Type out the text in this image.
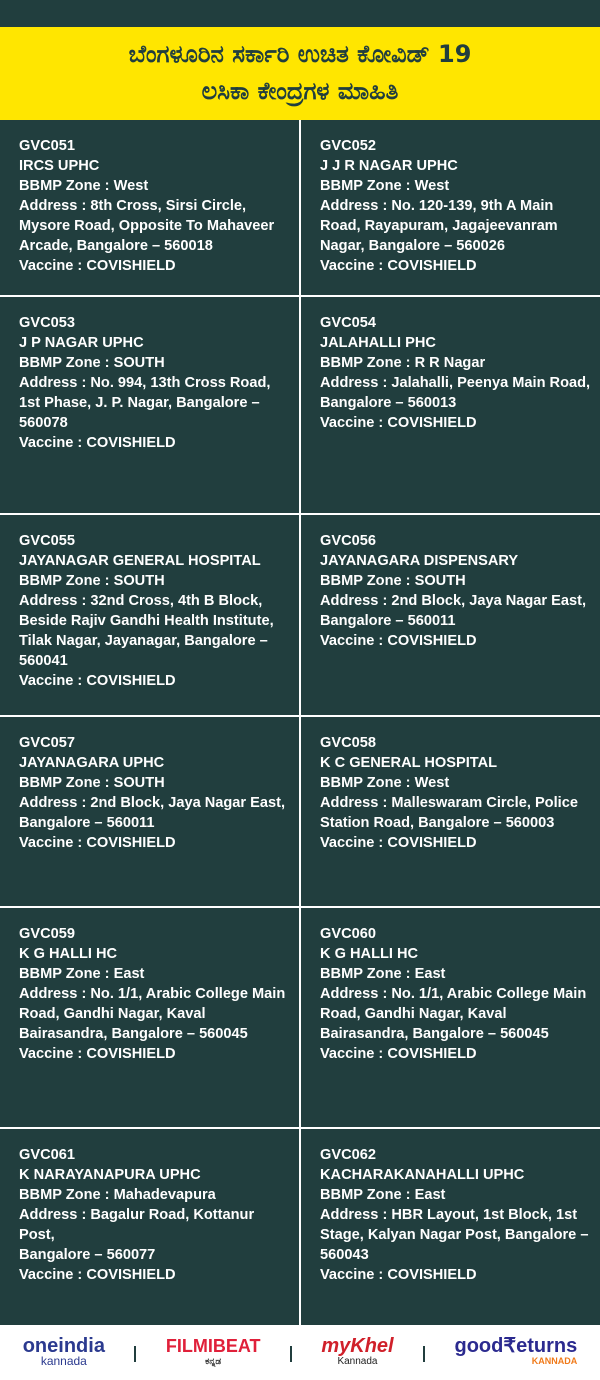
ಬೆಂಗಳೂರಿನ ಸರ್ಕಾರಿ ಉಚಿತ ಕೋವಿಡ್ 19
ಲಸಿಕಾ ಕೇಂದ್ರಗಳ ಮಾಹಿತಿ
GVC051
IRCS UPHC
BBMP Zone : West
Address : 8th Cross, Sirsi Circle, Mysore Road, Opposite To Mahaveer Arcade, Bangalore – 560018
Vaccine : COVISHIELD
GVC052
J J R NAGAR UPHC
BBMP Zone : West
Address : No. 120-139, 9th A Main Road, Rayapuram, Jagajeevanram Nagar, Bangalore – 560026
Vaccine : COVISHIELD
GVC053
J P NAGAR UPHC
BBMP Zone : SOUTH
Address : No. 994, 13th Cross Road, 1st Phase, J. P. Nagar, Bangalore – 560078
Vaccine : COVISHIELD
GVC054
JALAHALLI PHC
BBMP Zone : R R Nagar
Address : Jalahalli, Peenya Main Road, Bangalore – 560013
Vaccine : COVISHIELD
GVC055
JAYANAGAR GENERAL HOSPITAL
BBMP Zone : SOUTH
Address : 32nd Cross, 4th B Block, Beside Rajiv Gandhi Health Institute, Tilak Nagar, Jayanagar, Bangalore – 560041
Vaccine : COVISHIELD
GVC056
JAYANAGARA DISPENSARY
BBMP Zone : SOUTH
Address : 2nd Block, Jaya Nagar East, Bangalore – 560011
Vaccine : COVISHIELD
GVC057
JAYANAGARA UPHC
BBMP Zone : SOUTH
Address : 2nd Block, Jaya Nagar East, Bangalore – 560011
Vaccine : COVISHIELD
GVC058
K C GENERAL HOSPITAL
BBMP Zone : West
Address : Malleswaram Circle, Police Station Road, Bangalore – 560003
Vaccine : COVISHIELD
GVC059
K G HALLI HC
BBMP Zone : East
Address : No. 1/1, Arabic College Main Road, Gandhi Nagar, Kaval Bairasandra, Bangalore – 560045
Vaccine : COVISHIELD
GVC060
K G HALLI HC
BBMP Zone : East
Address : No. 1/1, Arabic College Main Road, Gandhi Nagar, Kaval Bairasandra, Bangalore – 560045
Vaccine : COVISHIELD
GVC061
K NARAYANAPURA UPHC
BBMP Zone : Mahadevapura
Address : Bagalur Road, Kottanur Post,
Bangalore – 560077
Vaccine : COVISHIELD
GVC062
KACHARAKANAHALLI UPHC
BBMP Zone : East
Address : HBR Layout, 1st Block, 1st Stage, Kalyan Nagar Post, Bangalore – 560043
Vaccine : COVISHIELD
oneindia
kannada
FILMIBEAT
ಕನ್ನಡ
myKhel
Kannada
good₹eturns
KANNADA
